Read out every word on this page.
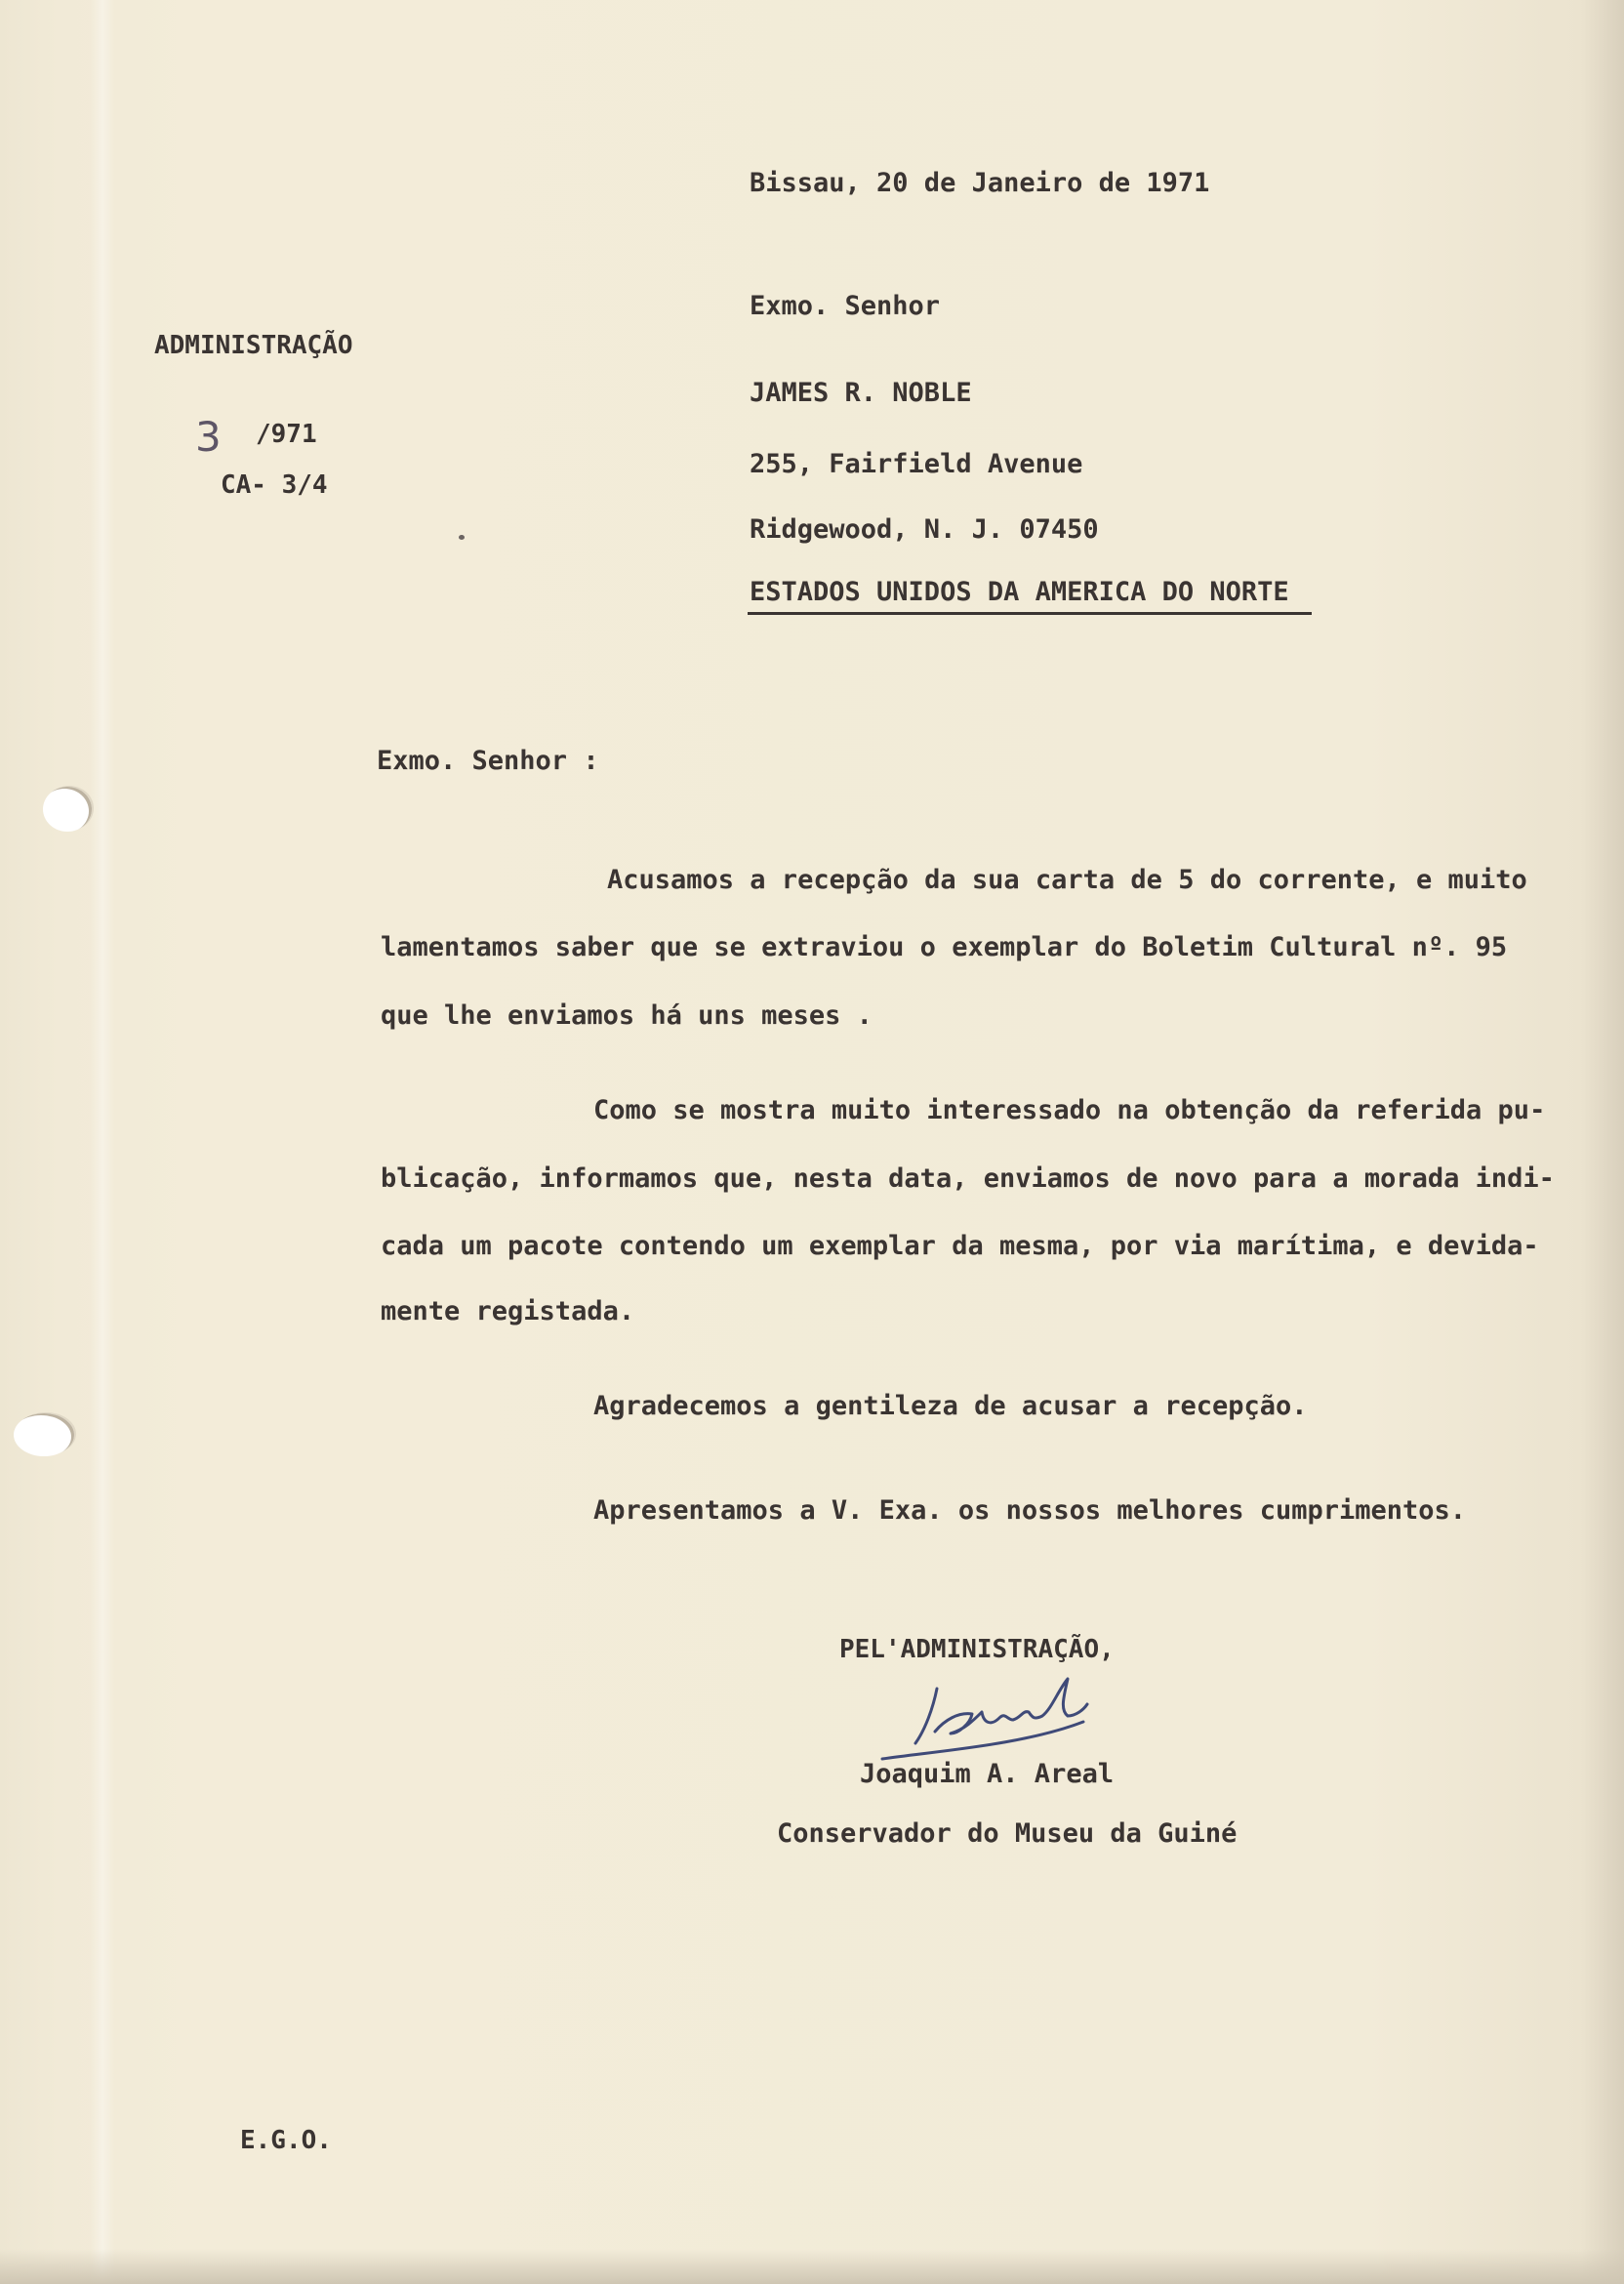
Bissau, 20 de Janeiro de 1971
ADMINISTRAÇÃO
3 /971
CA- 3/4
Exmo. Senhor
JAMES R. NOBLE
255, Fairfield Avenue
Ridgewood, N. J. 07450
ESTADOS UNIDOS DA AMERICA DO NORTE
Exmo. Senhor :
Acusamos a recepção da sua carta de 5 do corrente, e muito
lamentamos saber que se extraviou o exemplar do Boletim Cultural nº. 95
que lhe enviamos há uns meses .
Como se mostra muito interessado na obtenção da referida pu-
blicação, informamos que, nesta data, enviamos de novo para a morada indi-
cada um pacote contendo um exemplar da mesma, por via marítima, e devida-
mente registada.
Agradecemos a gentileza de acusar a recepção.
Apresentamos a V. Exa. os nossos melhores cumprimentos.
PEL'ADMINISTRAÇÃO,
Joaquim A. Areal
Conservador do Museu da Guiné
E.G.O.
